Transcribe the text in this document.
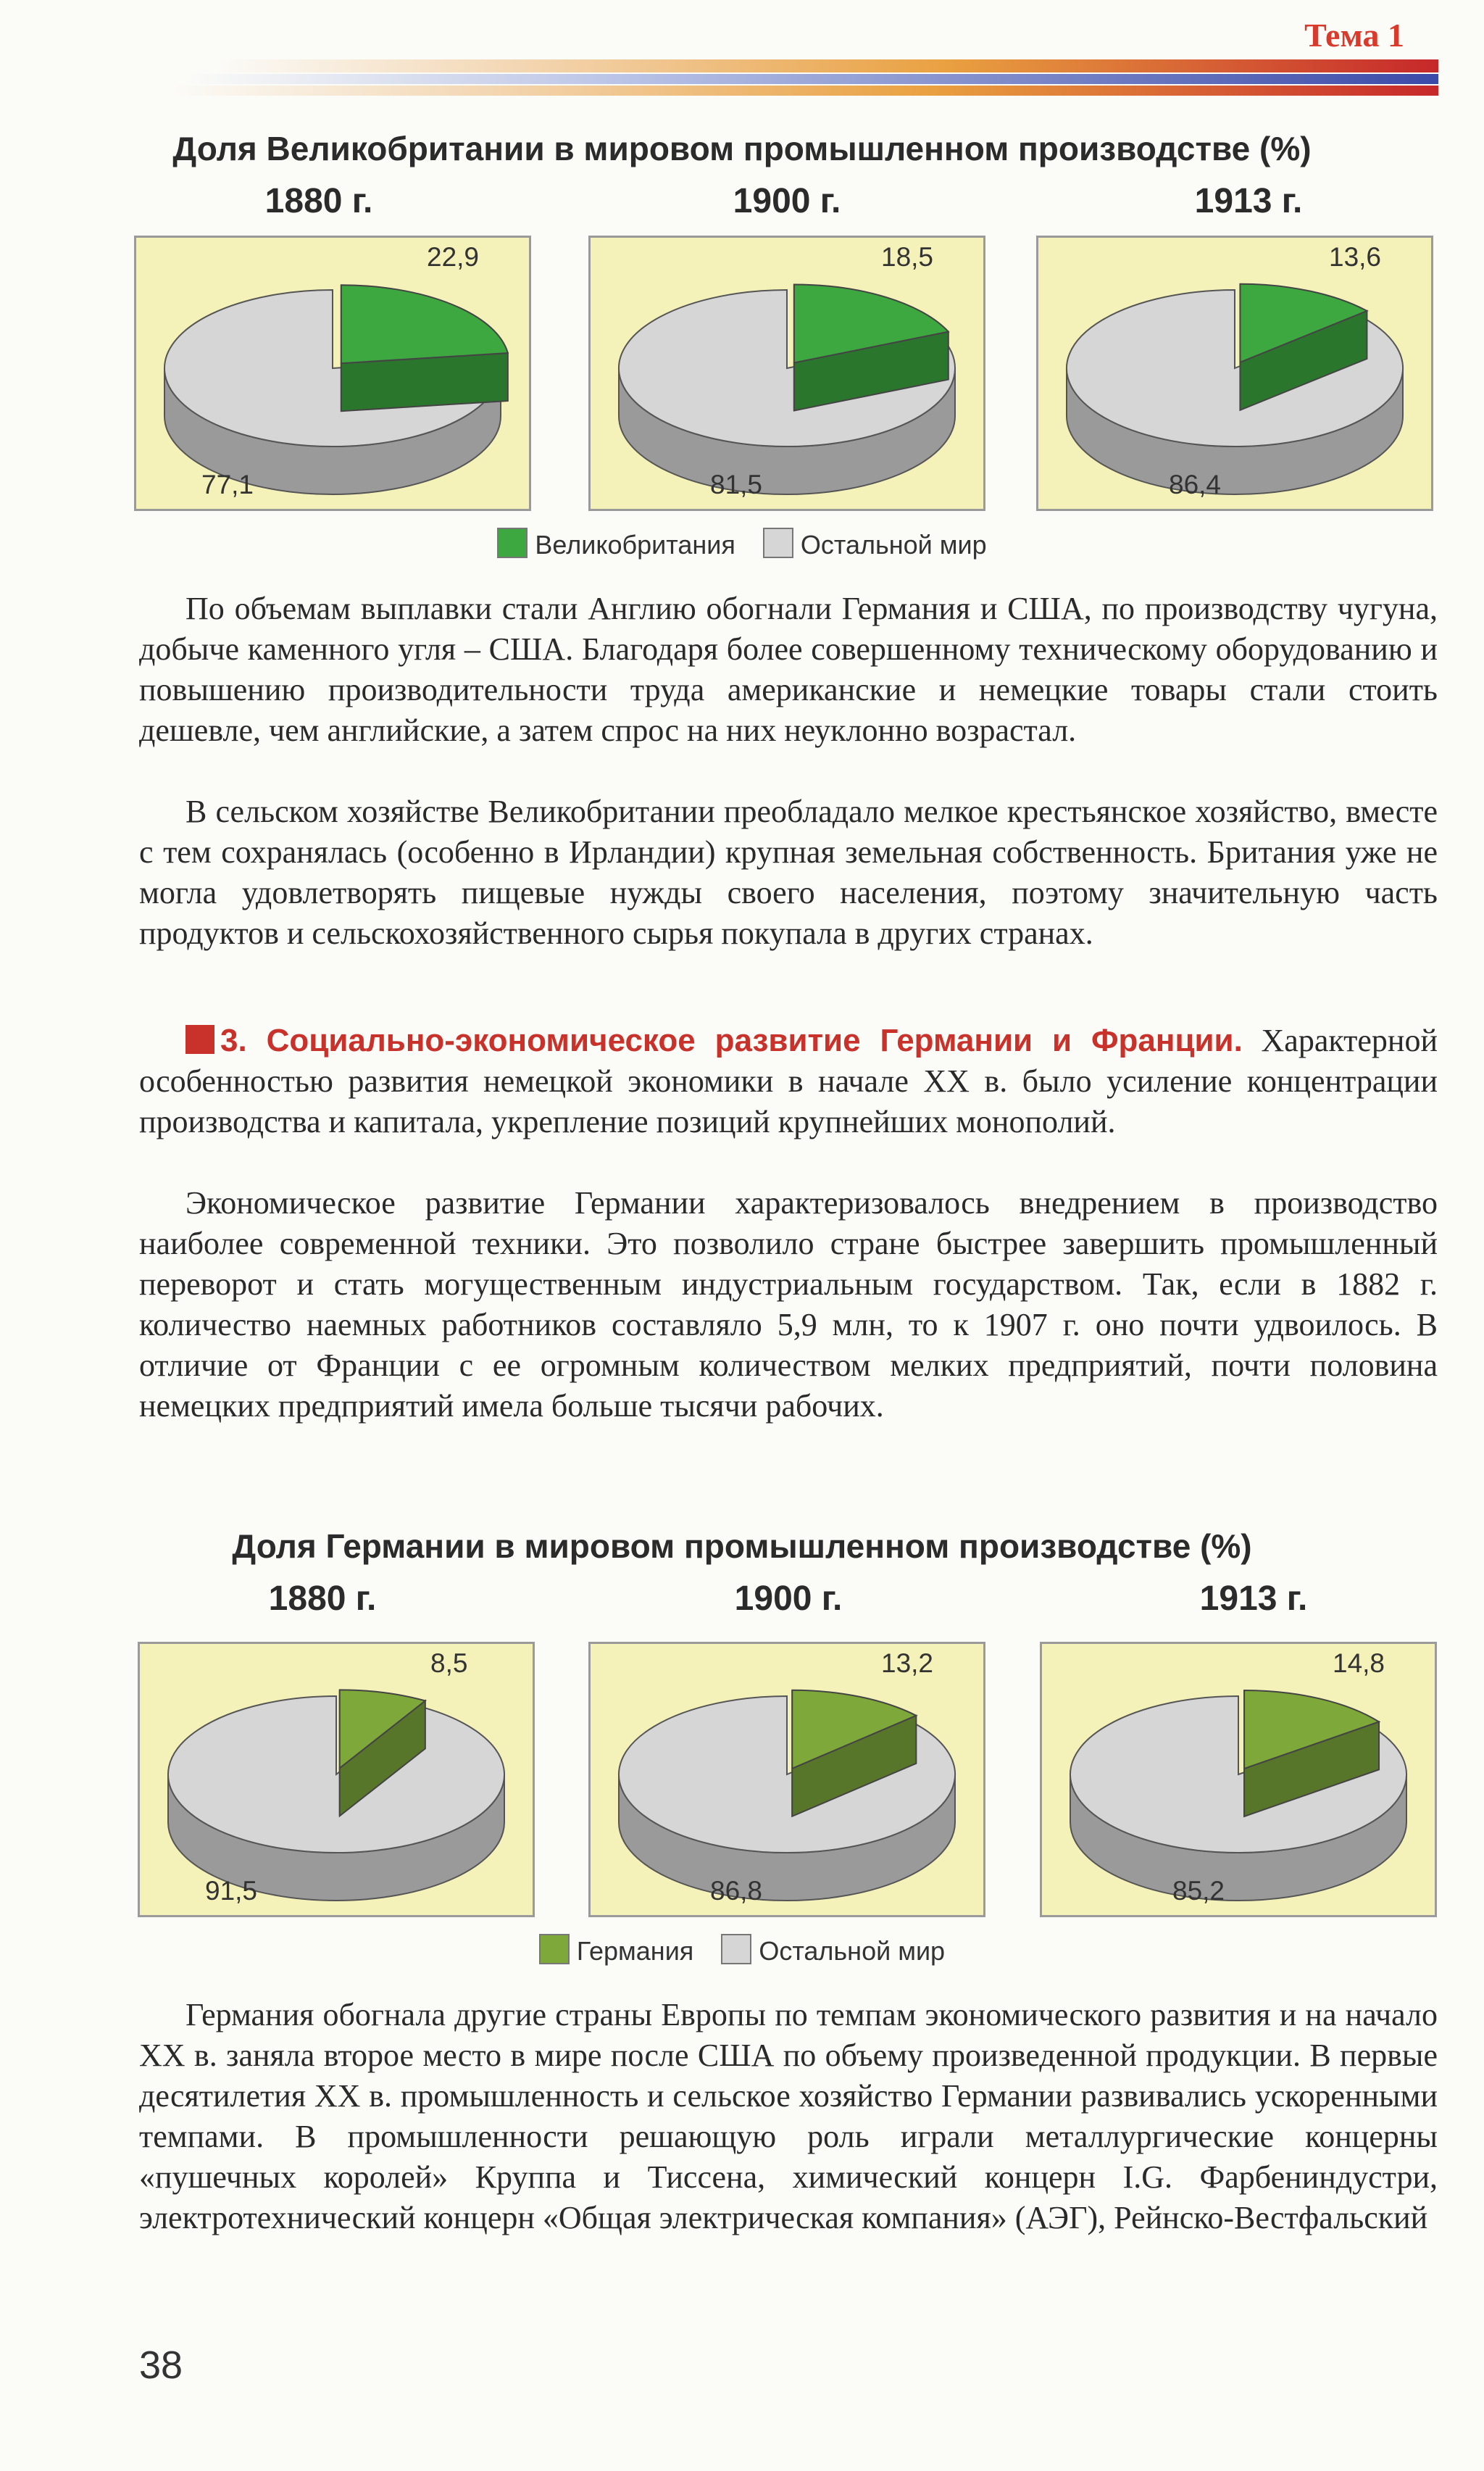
Тема 1
Доля Великобритании в мировом промышленном производстве (%)
1880 г.	1900 г.	1913 г.
22,9
77,1
18,5
81,5
13,6
86,4
Великобритания	Остальной мир
По объемам выплавки стали Англию обогнали Германия и США, по производству чугуна, добыче каменного угля – США. Благодаря более совершенному техническому оборудованию и повышению производительности труда американские и немецкие товары стали стоить дешевле, чем английские, а затем спрос на них неуклонно возрастал.
В сельском хозяйстве Великобритании преобладало мелкое крестьянское хозяйство, вместе с тем сохранялась (особенно в Ирландии) крупная земельная собственность. Британия уже не могла удовлетворять пищевые нужды своего населения, поэтому значительную часть продуктов и сельскохозяйственного сырья покупала в других странах.
3. Социально-экономическое развитие Германии и Франции. Характерной особенностью развития немецкой экономики в начале XX в. было усиление концентрации производства и капитала, укрепление позиций крупнейших монополий.
Экономическое развитие Германии характеризовалось внедрением в производство наиболее современной техники. Это позволило стране быстрее завершить промышленный переворот и стать могущественным индустриальным государством. Так, если в 1882 г. количество наемных работников составляло 5,9 млн, то к 1907 г. оно почти удвоилось. В отличие от Франции с ее огромным количеством мелких предприятий, почти половина немецких предприятий имела больше тысячи рабочих.
Доля Германии в мировом промышленном производстве (%)
1880 г.	1900 г.	1913 г.
8,5
91,5
13,2
86,8
14,8
85,2
Германия	Остальной мир
Германия обогнала другие страны Европы по темпам экономического развития и на начало XX в. заняла второе место в мире после США по объему произведенной продукции. В первые десятилетия XX в. промышленность и сельское хозяйство Германии развивались ускоренными темпами. В промышленности решающую роль играли металлургические концерны «пушечных королей» Круппа и Тиссена, химический концерн I.G. Фарбениндустри, электротехнический концерн «Общая электрическая компания» (АЭГ), Рейнско-Вестфальский
38
